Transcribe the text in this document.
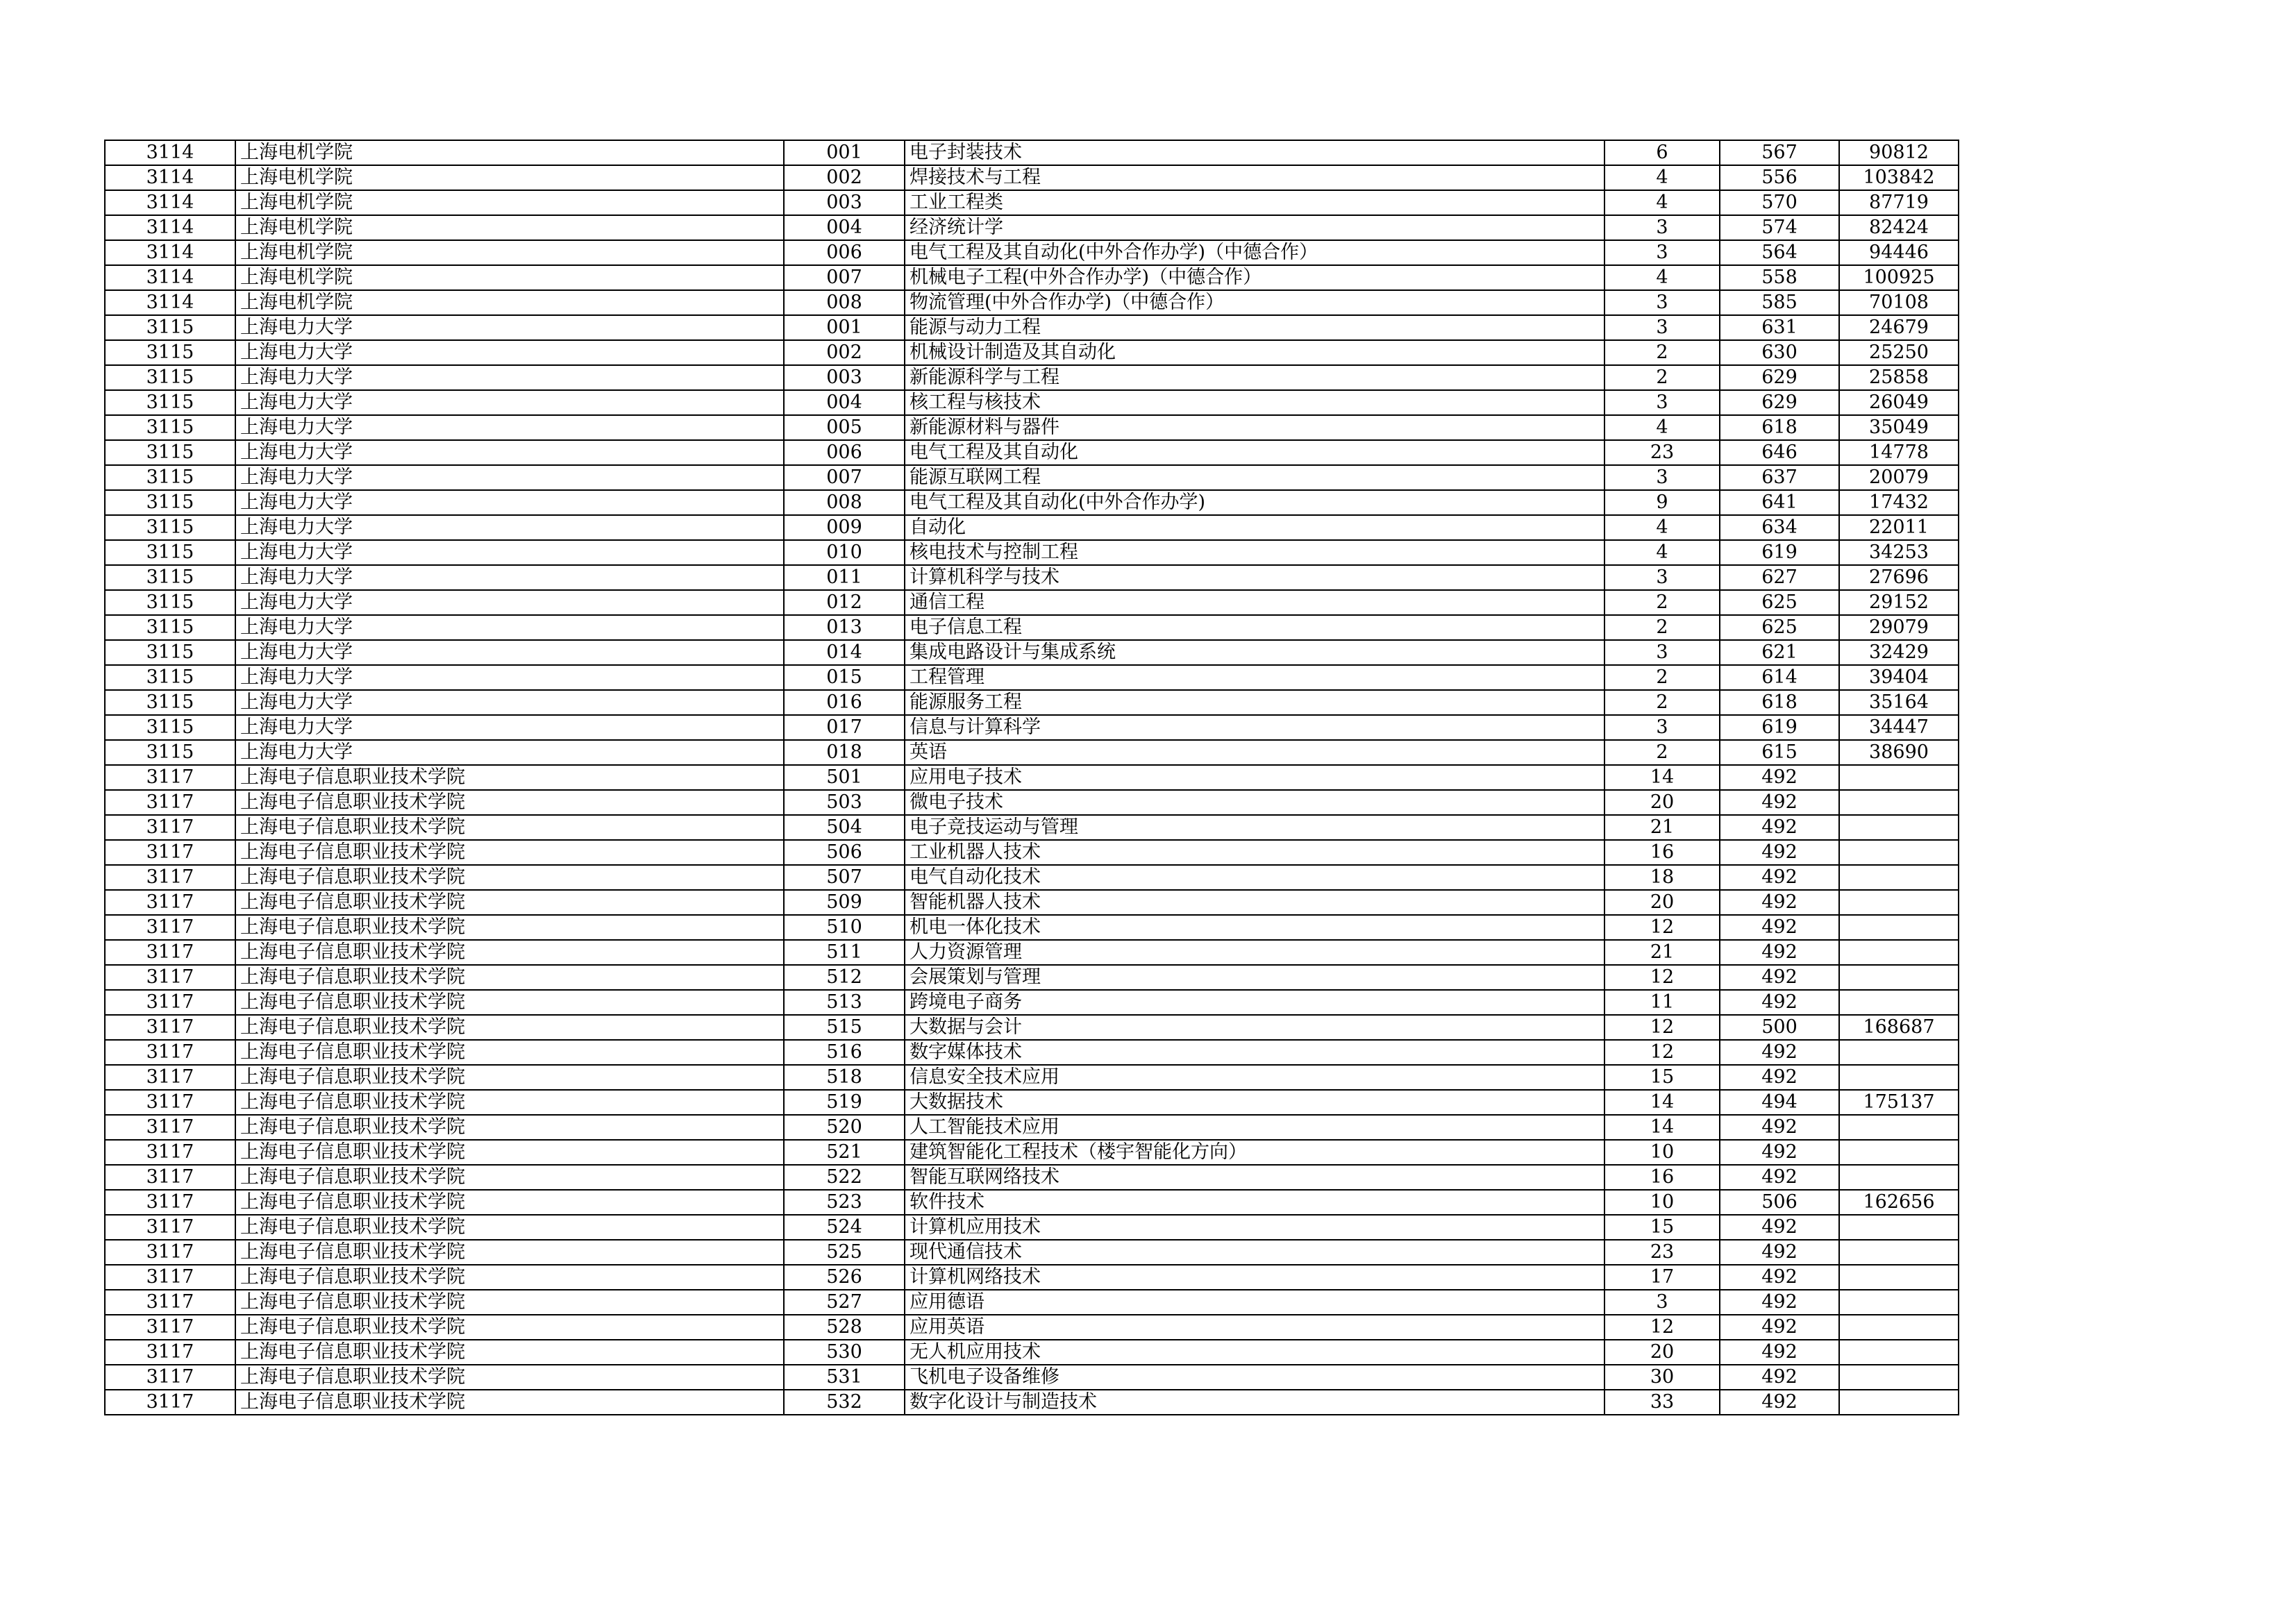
3114	上海电机学院	001	电子封装技术	6	567	90812
3114	上海电机学院	002	焊接技术与工程	4	556	103842
3114	上海电机学院	003	工业工程类	4	570	87719
3114	上海电机学院	004	经济统计学	3	574	82424
3114	上海电机学院	006	电气工程及其自动化(中外合作办学)（中德合作）	3	564	94446
3114	上海电机学院	007	机械电子工程(中外合作办学)（中德合作）	4	558	100925
3114	上海电机学院	008	物流管理(中外合作办学)（中德合作）	3	585	70108
3115	上海电力大学	001	能源与动力工程	3	631	24679
3115	上海电力大学	002	机械设计制造及其自动化	2	630	25250
3115	上海电力大学	003	新能源科学与工程	2	629	25858
3115	上海电力大学	004	核工程与核技术	3	629	26049
3115	上海电力大学	005	新能源材料与器件	4	618	35049
3115	上海电力大学	006	电气工程及其自动化	23	646	14778
3115	上海电力大学	007	能源互联网工程	3	637	20079
3115	上海电力大学	008	电气工程及其自动化(中外合作办学)	9	641	17432
3115	上海电力大学	009	自动化	4	634	22011
3115	上海电力大学	010	核电技术与控制工程	4	619	34253
3115	上海电力大学	011	计算机科学与技术	3	627	27696
3115	上海电力大学	012	通信工程	2	625	29152
3115	上海电力大学	013	电子信息工程	2	625	29079
3115	上海电力大学	014	集成电路设计与集成系统	3	621	32429
3115	上海电力大学	015	工程管理	2	614	39404
3115	上海电力大学	016	能源服务工程	2	618	35164
3115	上海电力大学	017	信息与计算科学	3	619	34447
3115	上海电力大学	018	英语	2	615	38690
3117	上海电子信息职业技术学院	501	应用电子技术	14	492	
3117	上海电子信息职业技术学院	503	微电子技术	20	492	
3117	上海电子信息职业技术学院	504	电子竞技运动与管理	21	492	
3117	上海电子信息职业技术学院	506	工业机器人技术	16	492	
3117	上海电子信息职业技术学院	507	电气自动化技术	18	492	
3117	上海电子信息职业技术学院	509	智能机器人技术	20	492	
3117	上海电子信息职业技术学院	510	机电一体化技术	12	492	
3117	上海电子信息职业技术学院	511	人力资源管理	21	492	
3117	上海电子信息职业技术学院	512	会展策划与管理	12	492	
3117	上海电子信息职业技术学院	513	跨境电子商务	11	492	
3117	上海电子信息职业技术学院	515	大数据与会计	12	500	168687
3117	上海电子信息职业技术学院	516	数字媒体技术	12	492	
3117	上海电子信息职业技术学院	518	信息安全技术应用	15	492	
3117	上海电子信息职业技术学院	519	大数据技术	14	494	175137
3117	上海电子信息职业技术学院	520	人工智能技术应用	14	492	
3117	上海电子信息职业技术学院	521	建筑智能化工程技术（楼宇智能化方向）	10	492	
3117	上海电子信息职业技术学院	522	智能互联网络技术	16	492	
3117	上海电子信息职业技术学院	523	软件技术	10	506	162656
3117	上海电子信息职业技术学院	524	计算机应用技术	15	492	
3117	上海电子信息职业技术学院	525	现代通信技术	23	492	
3117	上海电子信息职业技术学院	526	计算机网络技术	17	492	
3117	上海电子信息职业技术学院	527	应用德语	3	492	
3117	上海电子信息职业技术学院	528	应用英语	12	492	
3117	上海电子信息职业技术学院	530	无人机应用技术	20	492	
3117	上海电子信息职业技术学院	531	飞机电子设备维修	30	492	
3117	上海电子信息职业技术学院	532	数字化设计与制造技术	33	492	
